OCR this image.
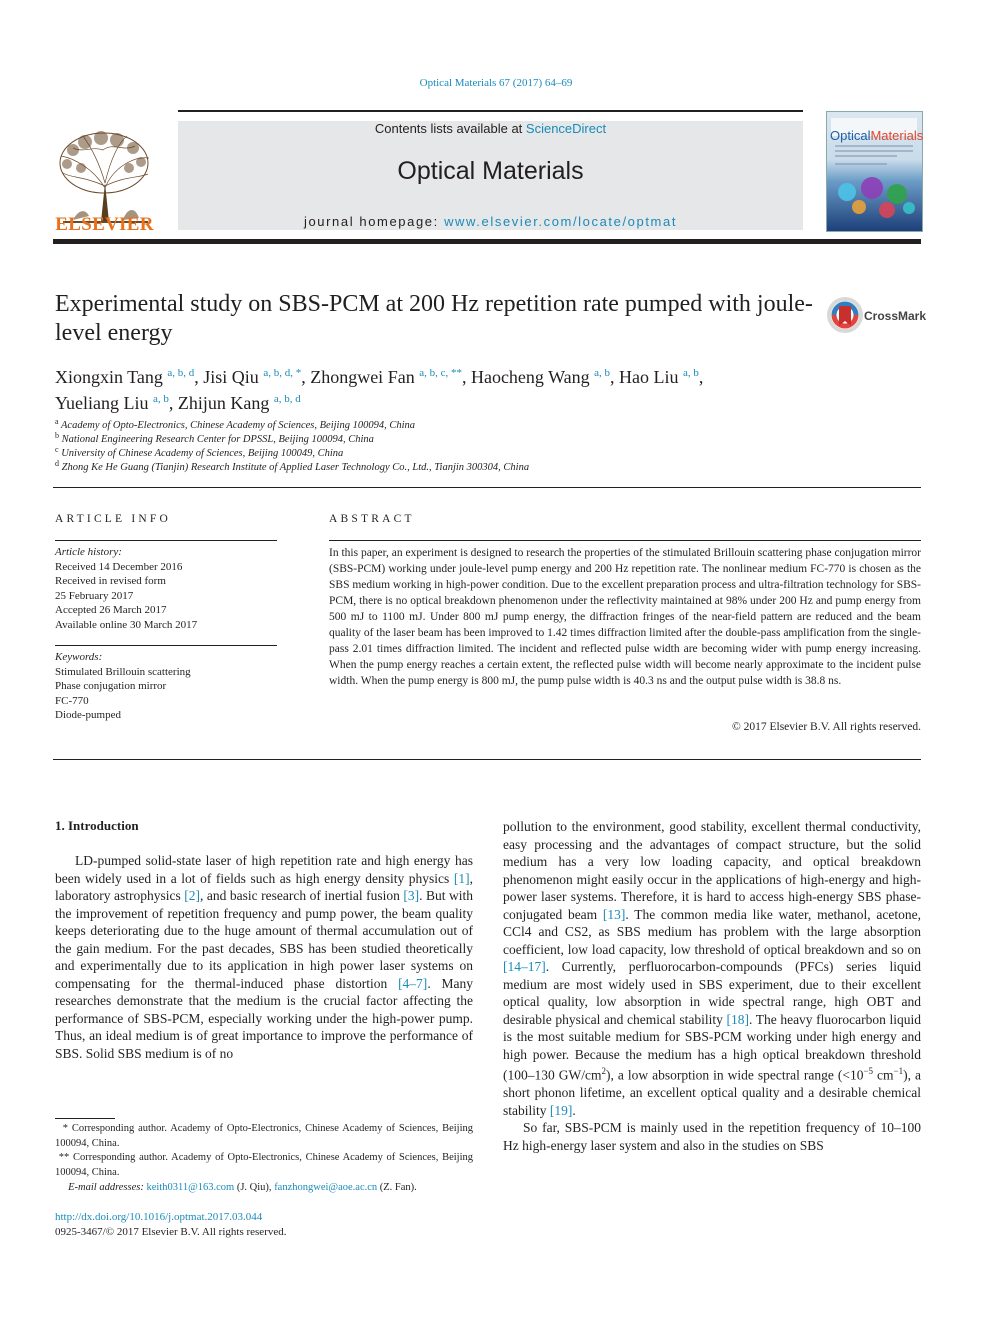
Optical Materials 67 (2017) 64–69
ELSEVIER
Contents lists available at ScienceDirect
Optical Materials
journal homepage: www.elsevier.com/locate/optmat
OpticalMaterials
Experimental study on SBS-PCM at 200 Hz repetition rate pumped with joule-level energy
CrossMark
Xiongxin Tang $^{a, b, d}$, Jisi Qiu $^{a, b, d, *}$, Zhongwei Fan $^{a, b, c, **}$, Haocheng Wang $^{a, b}$, Hao Liu $^{a, b}$,
Yueliang Liu $^{a, b}$, Zhijun Kang $^{a, b, d}$
$^a$ Academy of Opto-Electronics, Chinese Academy of Sciences, Beijing 100094, China
$^b$ National Engineering Research Center for DPSSL, Beijing 100094, China
$^c$ University of Chinese Academy of Sciences, Beijing 100049, China
$^d$ Zhong Ke He Guang (Tianjin) Research Institute of Applied Laser Technology Co., Ltd., Tianjin 300304, China
ARTICLE INFO	ABSTRACT
Article history:
Received 14 December 2016
Received in revised form
25 February 2017
Accepted 26 March 2017
Available online 30 March 2017
Keywords:
Stimulated Brillouin scattering
Phase conjugation mirror
FC-770
Diode-pumped
In this paper, an experiment is designed to research the properties of the stimulated Brillouin scattering phase conjugation mirror (SBS-PCM) working under joule-level pump energy and 200 Hz repetition rate. The nonlinear medium FC-770 is chosen as the SBS medium working in high-power condition. Due to the excellent preparation process and ultra-filtration technology for SBS-PCM, there is no optical breakdown phenomenon under the reflectivity maintained at 98% under 200 Hz and pump energy from 500 mJ to 1100 mJ. Under 800 mJ pump energy, the diffraction fringes of the near-field pattern are reduced and the beam quality of the laser beam has been improved to 1.42 times diffraction limited after the double-pass amplification from the single-pass 2.01 times diffraction limited. The incident and reflected pulse width are becoming wider with pump energy increasing. When the pump energy reaches a certain extent, the reflected pulse width will become nearly approximate to the incident pulse width. When the pump energy is 800 mJ, the pump pulse width is 40.3 ns and the output pulse width is 38.8 ns.
© 2017 Elsevier B.V. All rights reserved.
1. Introduction

LD-pumped solid-state laser of high repetition rate and high energy has been widely used in a lot of fields such as high energy density physics [1], laboratory astrophysics [2], and basic research of inertial fusion [3]. But with the improvement of repetition frequency and pump power, the beam quality keeps deteriorating due to the huge amount of thermal accumulation out of the gain medium. For the past decades, SBS has been studied theoretically and experimentally due to its application in high power laser systems on compensating for the thermal-induced phase distortion [4–7]. Many researches demonstrate that the medium is the crucial factor affecting the performance of SBS-PCM, especially working under the high-power pump. Thus, an ideal medium is of great importance to improve the performance of SBS. Solid SBS medium is of no

pollution to the environment, good stability, excellent thermal conductivity, easy processing and the advantages of compact structure, but the solid medium has a very low loading capacity, and optical breakdown phenomenon might easily occur in the applications of high-energy and high-power laser systems. Therefore, it is hard to access high-energy SBS phase-conjugated beam [13]. The common media like water, methanol, acetone, CCl4 and CS2, as SBS medium has problem with the large absorption coefficient, low load capacity, low threshold of optical breakdown and so on [14–17]. Currently, perfluorocarbon-compounds (PFCs) series liquid medium are most widely used in SBS experiment, due to their excellent optical quality, low absorption in wide spectral range, high OBT and desirable physical and chemical stability [18]. The heavy fluorocarbon liquid is the most suitable medium for SBS-PCM working under high energy and high power. Because the medium has a high optical breakdown threshold (100–130 $GW/cm^2$), a low absorption in wide spectral range ($<10^{-5}$ $cm^{-1}$), a short phonon lifetime, an excellent optical quality and a desirable chemical stability [19].

So far, SBS-PCM is mainly used in the repetition frequency of 10–100 Hz high-energy laser system and also in the studies on SBS

* Corresponding author. Academy of Opto-Electronics, Chinese Academy of Sciences, Beijing 100094, China.
** Corresponding author. Academy of Opto-Electronics, Chinese Academy of Sciences, Beijing 100094, China.
E-mail addresses: keith0311@163.com (J. Qiu), fanzhongwei@aoe.ac.cn (Z. Fan).
http://dx.doi.org/10.1016/j.optmat.2017.03.044
0925-3467/© 2017 Elsevier B.V. All rights reserved.
